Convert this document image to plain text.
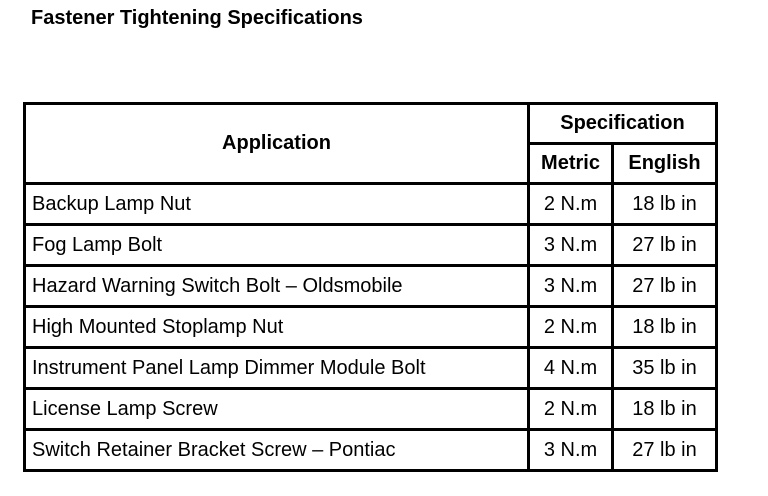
Fastener Tightening Specifications
Application	Specification	
	Metric	English
Backup Lamp Nut	2 N.m	18 lb in
Fog Lamp Bolt	3 N.m	27 lb in
Hazard Warning Switch Bolt – Oldsmobile	3 N.m	27 lb in
High Mounted Stoplamp Nut	2 N.m	18 lb in
Instrument Panel Lamp Dimmer Module Bolt	4 N.m	35 lb in
License Lamp Screw	2 N.m	18 lb in
Switch Retainer Bracket Screw – Pontiac	3 N.m	27 lb in
